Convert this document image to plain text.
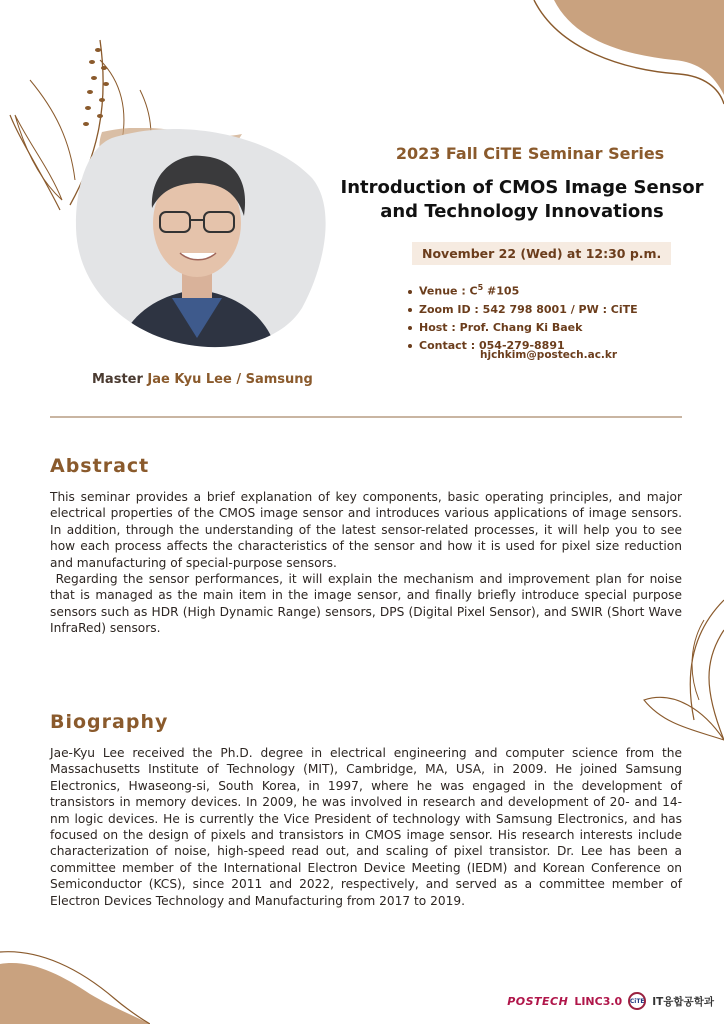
Master Jae Kyu Lee / Samsung
2023 Fall CiTE Seminar Series
Introduction of CMOS Image Sensor
and Technology Innovations
November 22 (Wed) at 12:30 p.m.
Venue : $C^5$ #105
Zoom ID : 542 798 8001 / PW : CiTE
Host : Prof. Chang Ki Baek
Contact : 054-279-8891
hjchkim@postech.ac.kr
Abstract

This seminar provides a brief explanation of key components, basic operating principles, and major electrical properties of the CMOS image sensor and introduces various applications of image sensors. In addition, through the understanding of the latest sensor-related processes, it will help you to see how each process affects the characteristics of the sensor and how it is used for pixel size reduction and manufacturing of special-purpose sensors.

Regarding the sensor performances, it will explain the mechanism and improvement plan for noise that is managed as the main item in the image sensor, and finally briefly introduce special purpose sensors such as HDR (High Dynamic Range) sensors, DPS (Digital Pixel Sensor), and SWIR (Short Wave InfraRed) sensors.

Biography

Jae-Kyu Lee received the Ph.D. degree in electrical engineering and computer science from the Massachusetts Institute of Technology (MIT), Cambridge, MA, USA, in 2009. He joined Samsung Electronics, Hwaseong-si, South Korea, in 1997, where he was engaged in the development of transistors in memory devices. In 2009, he was involved in research and development of 20- and 14-nm logic devices. He is currently the Vice President of technology with Samsung Electronics, and has focused on the design of pixels and transistors in CMOS image sensor. His research interests include characterization of noise, high-speed read out, and scaling of pixel transistor. Dr. Lee has been a committee member of the International Electron Device Meeting (IEDM) and Korean Conference on Semiconductor (KCS), since 2011 and 2022, respectively, and served as a committee member of Electron Devices Technology and Manufacturing from 2017 to 2019.

POSTECH LINC3.0 CiTE IT융합공학과
